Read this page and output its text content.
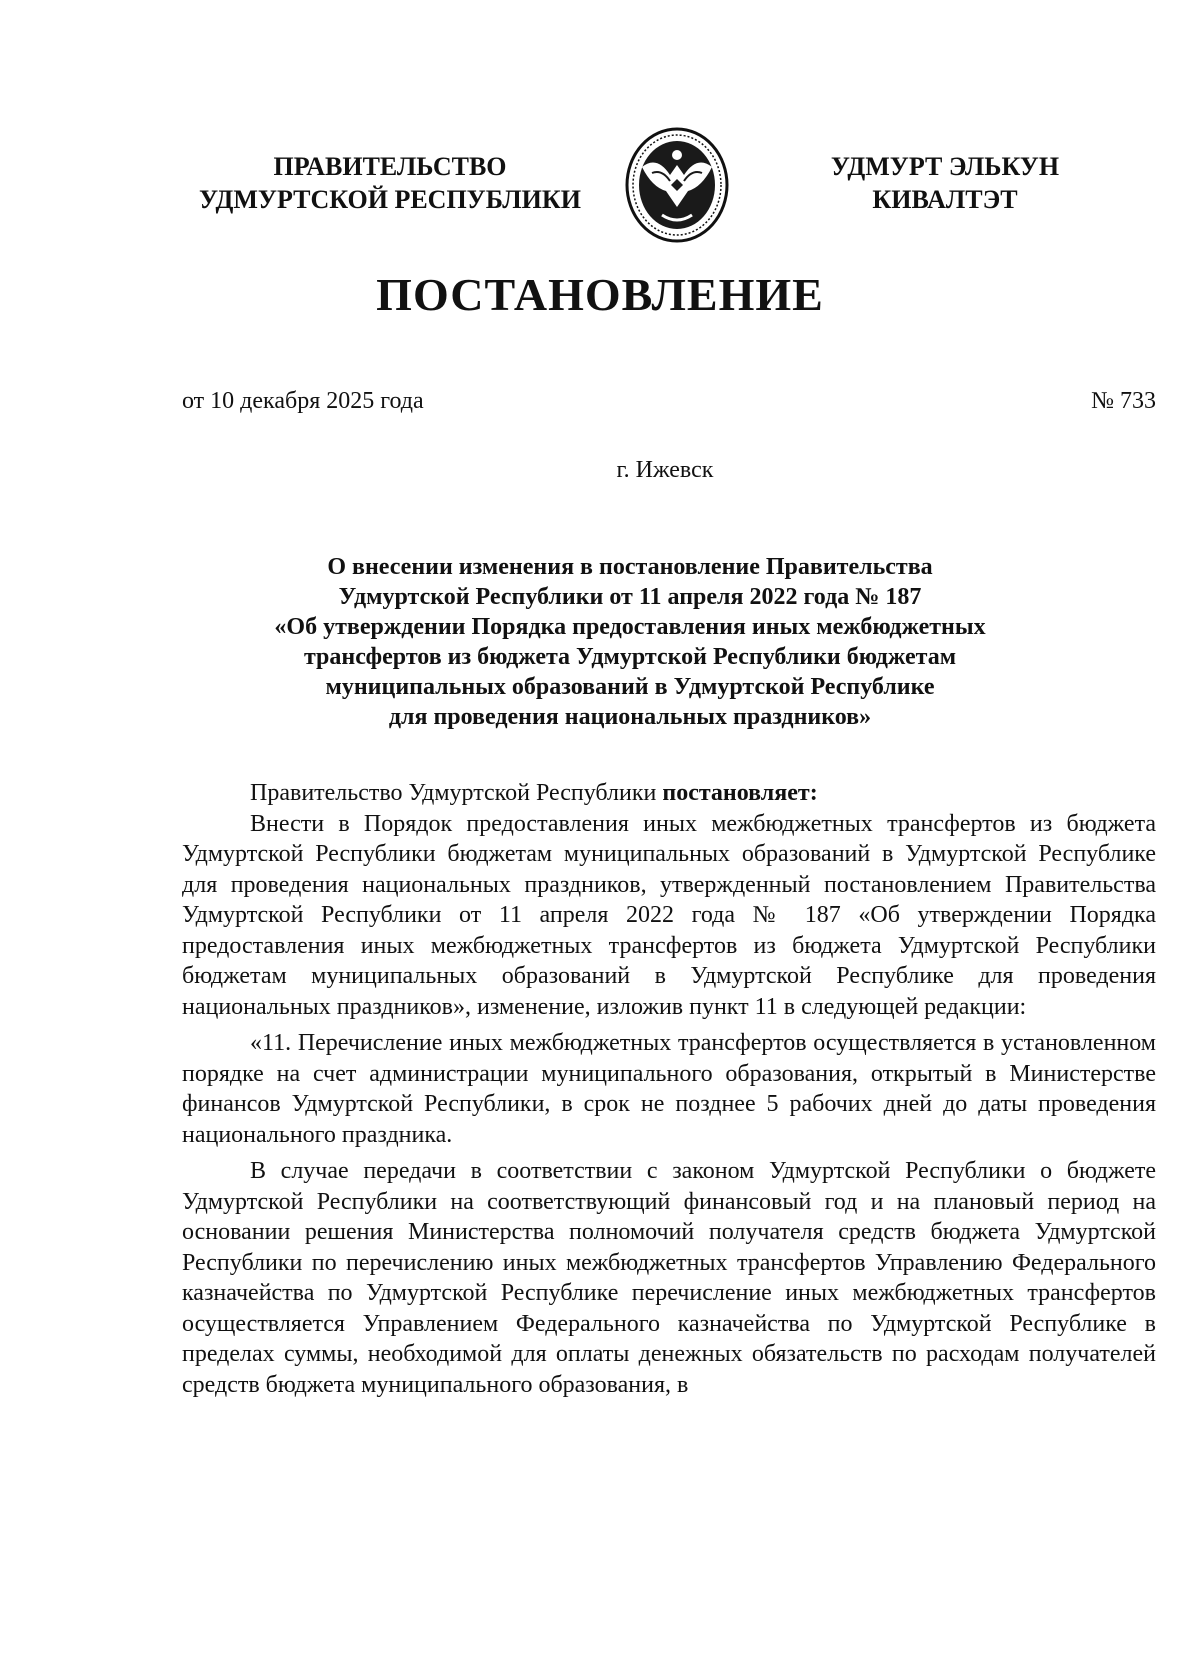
ПРАВИТЕЛЬСТВО
УДМУРТСКОЙ РЕСПУБЛИКИ
УДМУРТ ЭЛЬКУН
КИВАЛТЭТ
ПОСТАНОВЛЕНИЕ
от 10 декабря 2025 года	№ 733
г. Ижевск
О внесении изменения в постановление Правительства
Удмуртской Республики от 11 апреля 2022 года № 187
«Об утверждении Порядка предоставления иных межбюджетных
трансфертов из бюджета Удмуртской Республики бюджетам
муниципальных образований в Удмуртской Республике
для проведения национальных праздников»

Правительство Удмуртской Республики постановляет:

Внести в Порядок предоставления иных межбюджетных трансфертов из бюджета Удмуртской Республики бюджетам муниципальных образований в Удмуртской Республике для проведения национальных праздников, утвержденный постановлением Правительства Удмуртской Республики от 11 апреля 2022 года № 187 «Об утверждении Порядка предоставления иных межбюджетных трансфертов из бюджета Удмуртской Республики бюджетам муниципальных образований в Удмуртской Республике для проведения национальных праздников», изменение, изложив пункт 11 в следующей редакции:

«11. Перечисление иных межбюджетных трансфертов осуществляется в установленном порядке на счет администрации муниципального образования, открытый в Министерстве финансов Удмуртской Республики, в срок не позднее 5 рабочих дней до даты проведения национального праздника.

В случае передачи в соответствии с законом Удмуртской Республики о бюджете Удмуртской Республики на соответствующий финансовый год и на плановый период на основании решения Министерства полномочий получателя средств бюджета Удмуртской Республики по перечислению иных межбюджетных трансфертов Управлению Федерального казначейства по Удмуртской Республике перечисление иных межбюджетных трансфертов осуществляется Управлением Федерального казначейства по Удмуртской Республике в пределах суммы, необходимой для оплаты денежных обязательств по расходам получателей средств бюджета муниципального образования, в
